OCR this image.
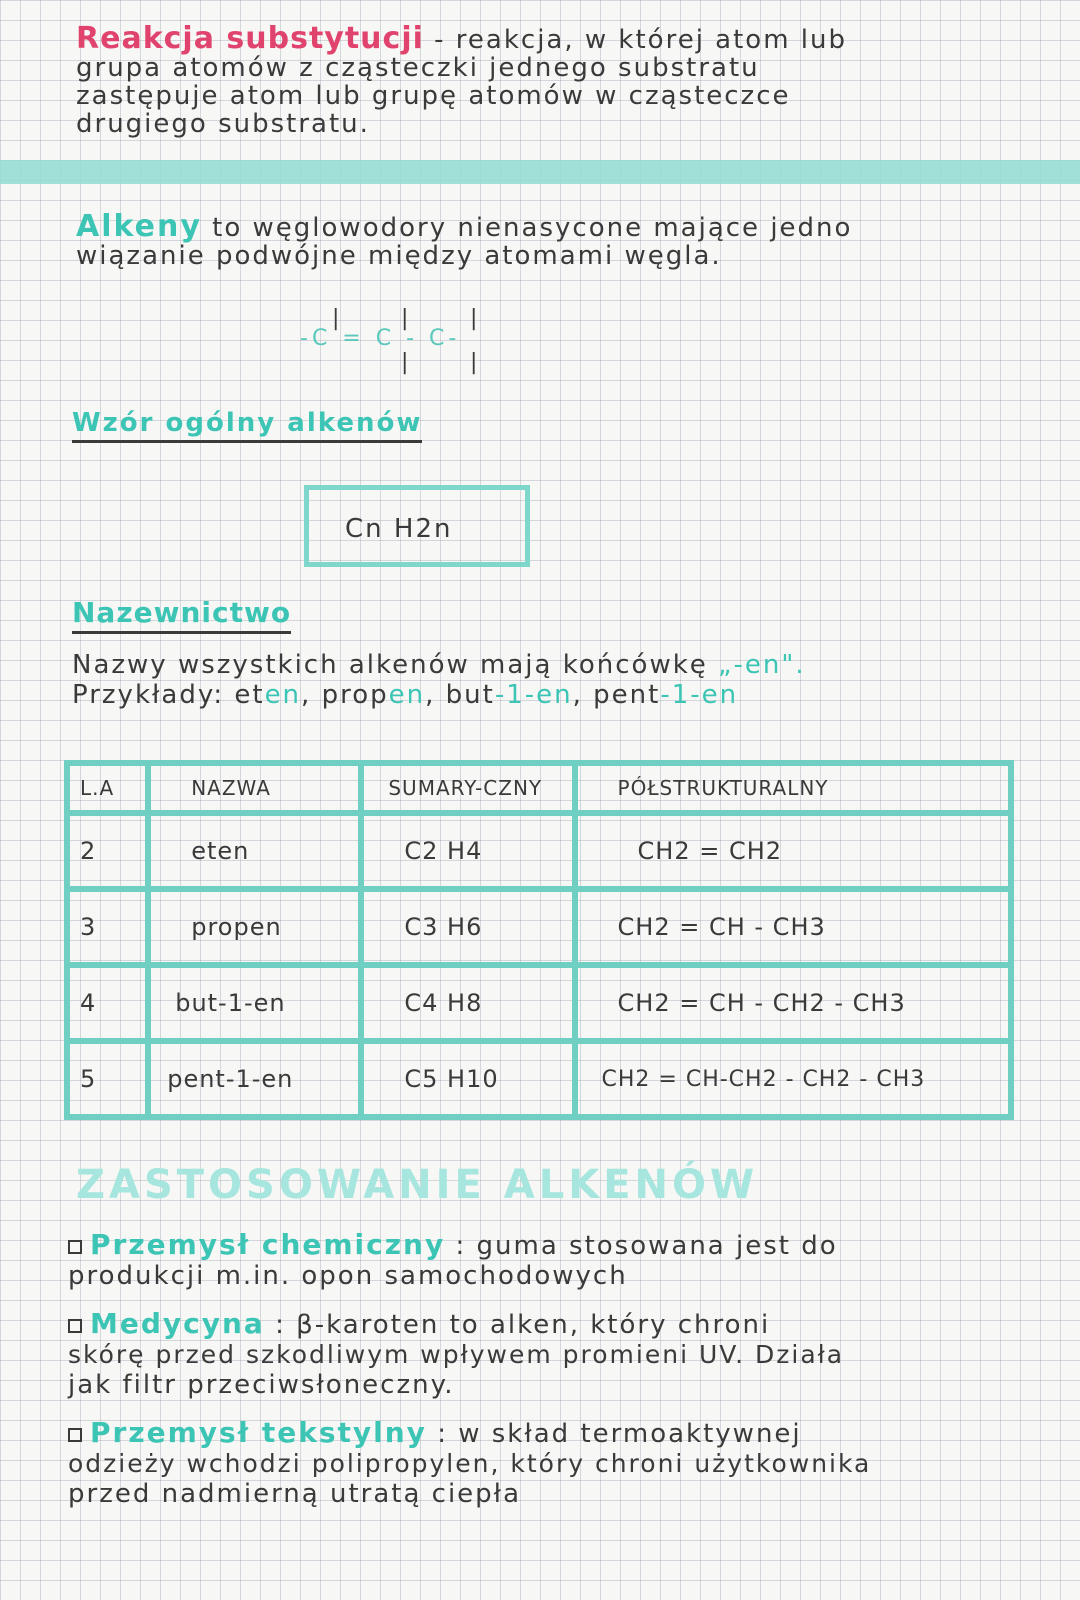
Reakcja substytucji - reakcja, w której atom lub
grupa atomów z cząsteczki jednego substratu
zastępuje atom lub grupę atomów w cząsteczce
drugiego substratu.
Alkeny to węglowodory nienasycone mające jedno
wiązanie podwójne między atomami węgla.
|	|	|
-C = C - C-
|	|
Wzór ogólny alkenów
Cn H2n
Nazewnictwo
Nazwy wszystkich alkenów mają końcówkę „-en".
Przykłady: eten, propen, but-1-en, pent-1-en
L.A	NAZWA	SUMARY-CZNY	PÓŁSTRUKTURALNY
2	eten	C2 H4	CH2 = CH2
3	propen	C3 H6	CH2 = CH - CH3
4	but-1-en	C4 H8	CH2 = CH - CH2 - CH3
5	pent-1-en	C5 H10	CH2 = CH-CH2 - CH2 - CH3
ZASTOSOWANIE ALKENÓW
Przemysł chemiczny : guma stosowana jest do
produkcji m.in. opon samochodowych
Medycyna : β-karoten to alken, który chroni
skórę przed szkodliwym wpływem promieni UV. Działa
jak filtr przeciwsłoneczny.
Przemysł tekstylny : w skład termoaktywnej
odzieży wchodzi polipropylen, który chroni użytkownika
przed nadmierną utratą ciepła
